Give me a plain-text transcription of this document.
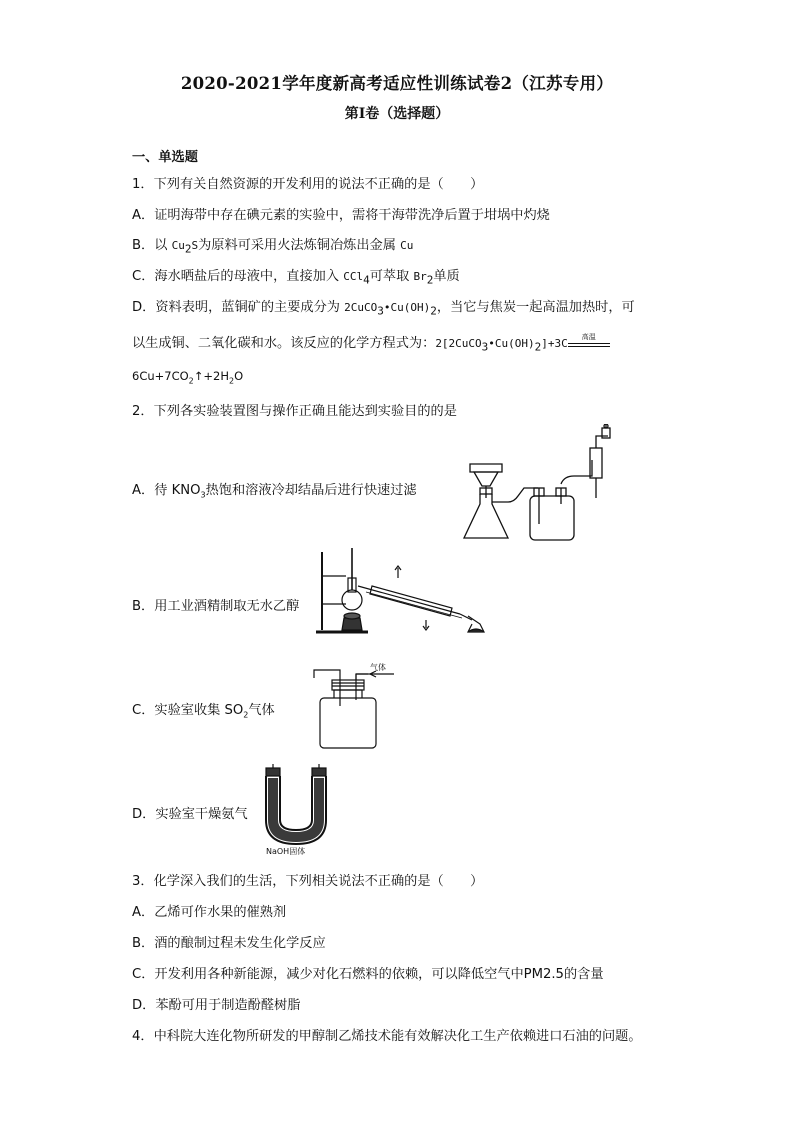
2020-2021学年度新高考适应性训练试卷2（江苏专用）
第I卷（选择题）
一、单选题
1．下列有关自然资源的开发利用的说法不正确的是（　　）
A．证明海带中存在碘元素的实验中，需将干海带洗净后置于坩埚中灼烧
B．以 $Cu_2S$为原料可采用火法炼铜冶炼出金属 Cu
C．海水晒盐后的母液中，直接加入 CCl$_4$可萃取 $Br_2$单质
D．资料表明，蓝铜矿的主要成分为 $2CuCO_3•Cu(OH)_2$，当它与焦炭一起高温加热时，可
以生成铜、二氧化碳和水。该反应的化学方程式为：$2[2CuCO_3•Cu(OH)_2]+3C$	高温
$6Cu+7CO_2↑+2H_2O$
2．下列各实验装置图与操作正确且能达到实验目的的是
A．待 $KNO_3$热饱和溶液冷却结晶后进行快速过滤
B．用工业酒精制取无水乙醇
C．实验室收集 $SO_2$气体
气体
D．实验室干燥氨气
NaOH固体
3．化学深入我们的生活，下列相关说法不正确的是（　　）
A．乙烯可作水果的催熟剂
B．酒的酿制过程未发生化学反应
C．开发利用各种新能源，减少对化石燃料的依赖，可以降低空气中PM2.5的含量
D．苯酚可用于制造酚醛树脂
4．中科院大连化物所研发的甲醇制乙烯技术能有效解决化工生产依赖进口石油的问题。
